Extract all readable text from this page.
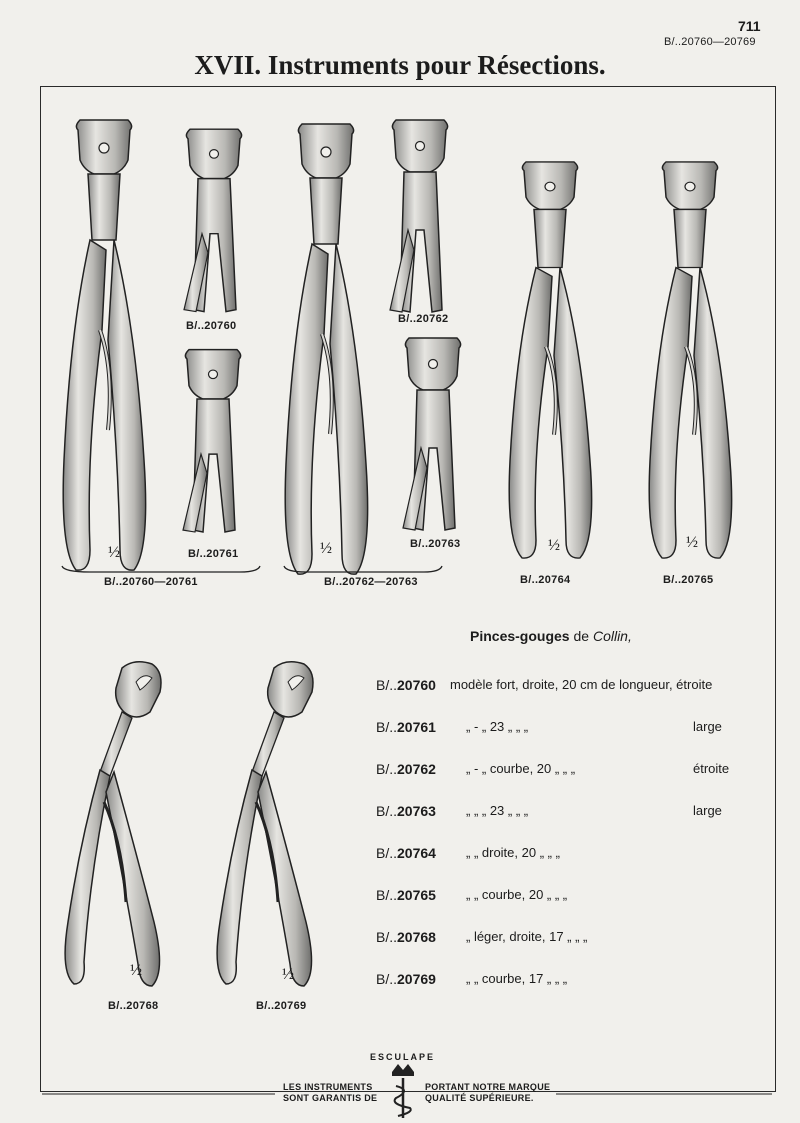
711
B/..20760—20769
XVII. Instruments pour Résections.
B/..20760
B/..20761
B/..20762
B/..20763
B/..20764	B/..20765
B/..20768	B/..20769
B/..20760—20761	B/..20762—20763
½	½	½	½
½	½
Pinces-gouges de Collin,
B/..20760 modèle fort, droite, 20 cm de longueur, étroite
B/..20761 „ - „ 23 „ „ „	large
B/..20762 „ - „ courbe, 20 „ „ „	étroite
B/..20763 „ „ „ 23 „ „ „	large
B/..20764 „ „ droite, 20 „ „ „
B/..20765 „ „ courbe, 20 „ „ „
B/..20768 „ léger, droite, 17 „ „ „
B/..20769 „ „ courbe, 17 „ „ „
ESCULAPE
LES INSTRUMENTS
SONT GARANTIS DE
PORTANT NOTRE MARQUE
QUALITÉ SUPÉRIEURE.
